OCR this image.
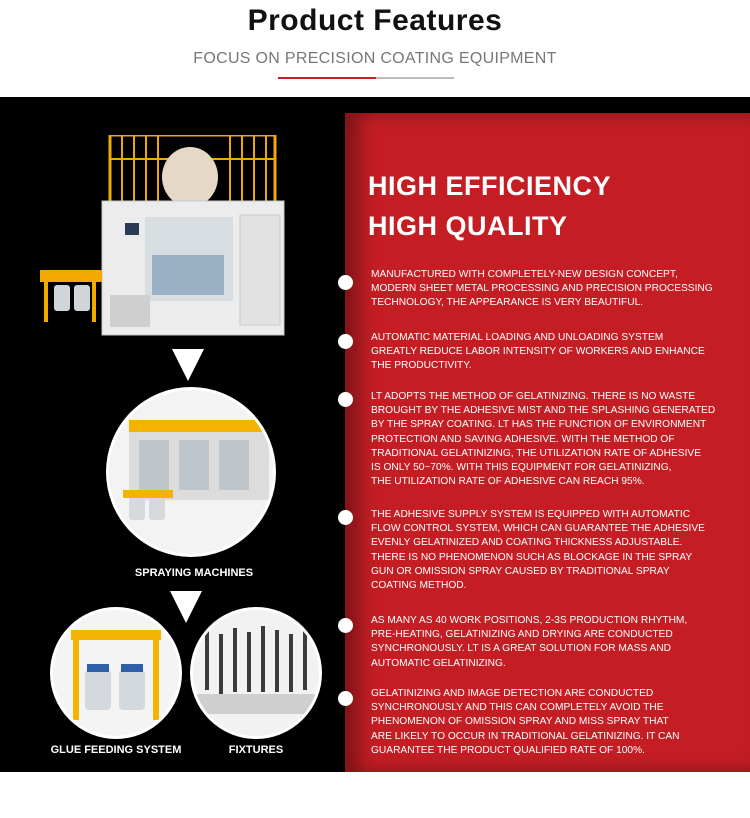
Product Features
FOCUS ON PRECISION COATING EQUIPMENT
HIGH EFFICIENCY
HIGH QUALITY
MANUFACTURED WITH COMPLETELY-NEW DESIGN CONCEPT,
MODERN SHEET METAL PROCESSING AND PRECISION PROCESSING
TECHNOLOGY, THE APPEARANCE IS VERY BEAUTIFUL.
AUTOMATIC MATERIAL LOADING AND UNLOADING SYSTEM
GREATLY REDUCE LABOR INTENSITY OF WORKERS AND ENHANCE
THE PRODUCTIVITY.
LT ADOPTS THE METHOD OF GELATINIZING. THERE IS NO WASTE
BROUGHT BY THE ADHESIVE MIST AND THE SPLASHING GENERATED
BY THE SPRAY COATING. LT HAS THE FUNCTION OF ENVIRONMENT
PROTECTION AND SAVING ADHESIVE. WITH THE METHOD OF
TRADITIONAL GELATINIZING, THE UTILIZATION RATE OF ADHESIVE
IS ONLY 50~70%. WITH THIS EQUIPMENT FOR GELATINIZING,
THE UTILIZATION RATE OF ADHESIVE CAN REACH 95%.
THE ADHESIVE SUPPLY SYSTEM IS EQUIPPED WITH AUTOMATIC
FLOW CONTROL SYSTEM, WHICH CAN GUARANTEE THE ADHESIVE
EVENLY GELATINIZED AND COATING THICKNESS ADJUSTABLE.
THERE IS NO PHENOMENON SUCH AS BLOCKAGE IN THE SPRAY
GUN OR OMISSION SPRAY CAUSED BY TRADITIONAL SPRAY
COATING METHOD.
AS MANY AS 40 WORK POSITIONS, 2-3S PRODUCTION RHYTHM,
PRE-HEATING, GELATINIZING AND DRYING ARE CONDUCTED
SYNCHRONOUSLY. LT IS A GREAT SOLUTION FOR MASS AND
AUTOMATIC GELATINIZING.
GELATINIZING AND IMAGE DETECTION ARE CONDUCTED
SYNCHRONOUSLY AND THIS CAN COMPLETELY AVOID THE
PHENOMENON OF OMISSION SPRAY AND MISS SPRAY THAT
ARE LIKELY TO OCCUR IN TRADITIONAL GELATINIZING. IT CAN
GUARANTEE THE PRODUCT QUALIFIED RATE OF 100%.
SPRAYING MACHINES
GLUE FEEDING SYSTEM	FIXTURES
